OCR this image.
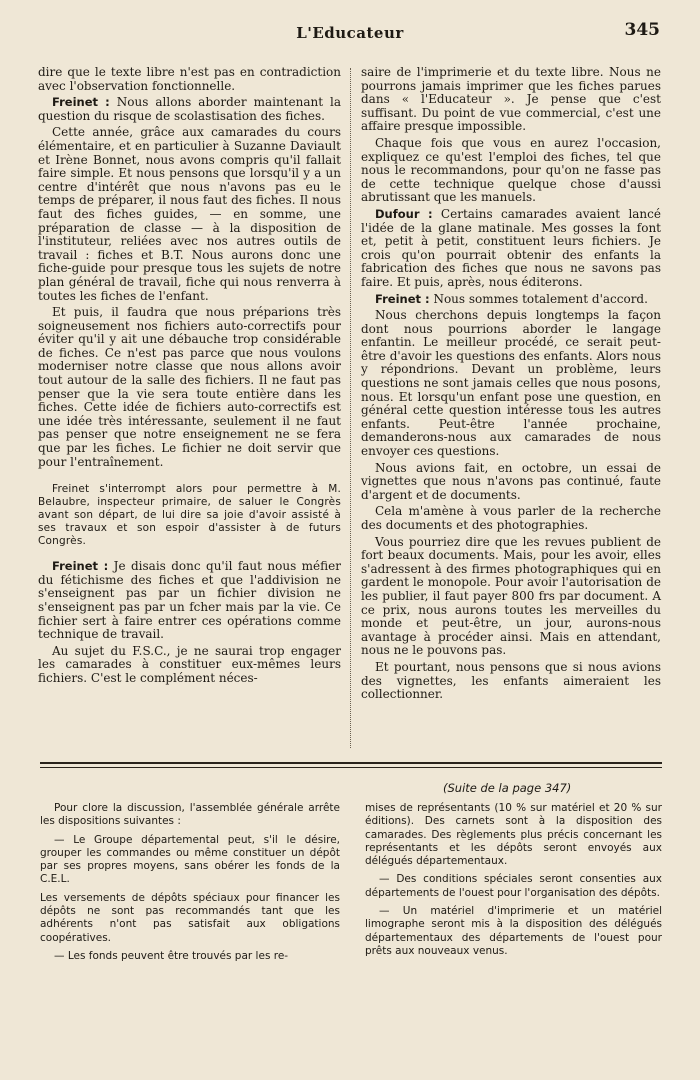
L'Educateur	345

dire que le texte libre n'est pas en contradiction avec l'observation fonctionnelle.

Freinet : Nous allons aborder maintenant la question du risque de scolastisation des fiches.

Cette année, grâce aux camarades du cours élémentaire, et en particulier à Suzanne Daviault et Irène Bonnet, nous avons compris qu'il fallait faire simple. Et nous pensons que lorsqu'il y a un centre d'intérêt que nous n'avons pas eu le temps de préparer, il nous faut des fiches. Il nous faut des fiches guides, — en somme, une préparation de classe — à la disposition de l'instituteur, reliées avec nos autres outils de travail : fiches et B.T. Nous aurons donc une fiche-guide pour presque tous les sujets de notre plan général de travail, fiche qui nous renverra à toutes les fiches de l'enfant.

Et puis, il faudra que nous préparions très soigneusement nos fichiers auto-correctifs pour éviter qu'il y ait une débauche trop considérable de fiches. Ce n'est pas parce que nous voulons moderniser notre classe que nous allons avoir tout autour de la salle des fichiers. Il ne faut pas penser que la vie sera toute entière dans les fiches. Cette idée de fichiers auto-correctifs est une idée très intéressante, seulement il ne faut pas penser que notre enseignement ne se fera que par les fiches. Le fichier ne doit servir que pour l'entraînement.

Freinet s'interrompt alors pour permettre à M. Belaubre, inspecteur primaire, de saluer le Congrès avant son départ, de lui dire sa joie d'avoir assisté à ses travaux et son espoir d'assister à de futurs Congrès.

Freinet : Je disais donc qu'il faut nous méfier du fétichisme des fiches et que l'addivision ne s'enseignent pas par un fichier division ne s'enseignent pas par un fcher mais par la vie. Ce fichier sert à faire entrer ces opérations comme technique de travail.

Au sujet du F.S.C., je ne saurai trop engager les camarades à constituer eux-mêmes leurs fichiers. C'est le complément néces-

saire de l'imprimerie et du texte libre. Nous ne pourrons jamais imprimer que les fiches parues dans « l'Educateur ». Je pense que c'est suffisant. Du point de vue commercial, c'est une affaire presque impossible.

Chaque fois que vous en aurez l'occasion, expliquez ce qu'est l'emploi des fiches, tel que nous le recommandons, pour qu'on ne fasse pas de cette technique quelque chose d'aussi abrutissant que les manuels.

Dufour : Certains camarades avaient lancé l'idée de la glane matinale. Mes gosses la font et, petit à petit, constituent leurs fichiers. Je crois qu'on pourrait obtenir des enfants la fabrication des fiches que nous ne savons pas faire. Et puis, après, nous éditerons.

Freinet : Nous sommes totalement d'accord.

Nous cherchons depuis longtemps la façon dont nous pourrions aborder le langage enfantin. Le meilleur procédé, ce serait peut-être d'avoir les questions des enfants. Alors nous y répondrions. Devant un problème, leurs questions ne sont jamais celles que nous posons, nous. Et lorsqu'un enfant pose une question, en général cette question intéresse tous les autres enfants. Peut-être l'année prochaine, demanderons-nous aux camarades de nous envoyer ces questions.

Nous avions fait, en octobre, un essai de vignettes que nous n'avons pas continué, faute d'argent et de documents.

Cela m'amène à vous parler de la recherche des documents et des photographies.

Vous pourriez dire que les revues publient de fort beaux documents. Mais, pour les avoir, elles s'adressent à des firmes photographiques qui en gardent le monopole. Pour avoir l'autorisation de les publier, il faut payer 800 frs par document. A ce prix, nous aurons toutes les merveilles du monde et peut-être, un jour, aurons-nous avantage à procéder ainsi. Mais en attendant, nous ne le pouvons pas.

Et pourtant, nous pensons que si nous avions des vignettes, les enfants aimeraient les collectionner.

(Suite de la page 347)

Pour clore la discussion, l'assemblée générale arrête les dispositions suivantes :

— Le Groupe départemental peut, s'il le désire, grouper les commandes ou même constituer un dépôt par ses propres moyens, sans obérer les fonds de la C.E.L.

Les versements de dépôts spéciaux pour financer les dépôts ne sont pas recommandés tant que les adhérents n'ont pas satisfait aux obligations coopératives.

— Les fonds peuvent être trouvés par les re-

mises de représentants (10 % sur matériel et 20 % sur éditions). Des carnets sont à la disposition des camarades. Des règlements plus précis concernant les représentants et les dépôts seront envoyés aux délégués départementaux.

— Des conditions spéciales seront consenties aux départements de l'ouest pour l'organisation des dépôts.

— Un matériel d'imprimerie et un matériel limographe seront mis à la disposition des délégués départementaux des départements de l'ouest pour prêts aux nouveaux venus.
